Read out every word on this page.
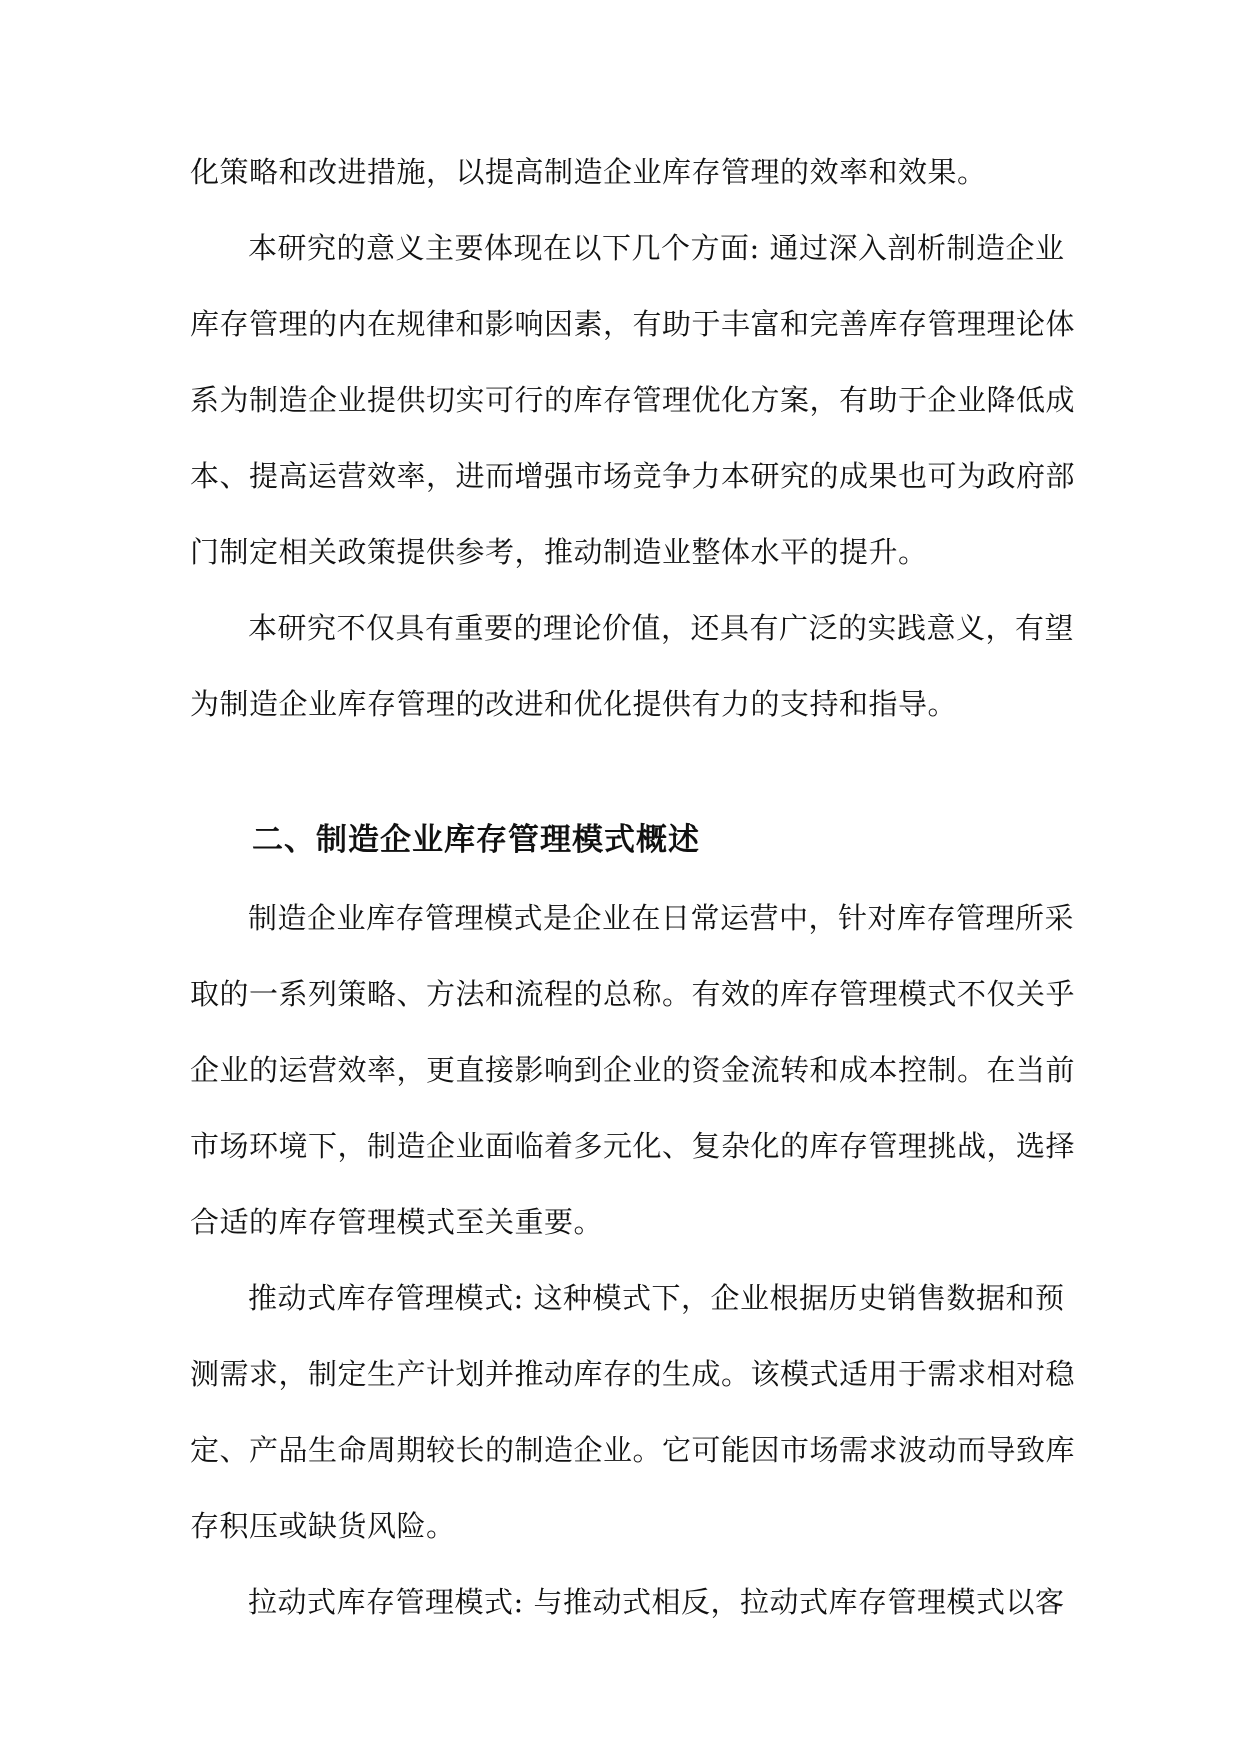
化策略和改进措施，以提高制造企业库存管理的效率和效果。
本研究的意义主要体现在以下几个方面: 通过深入剖析制造企业
库存管理的内在规律和影响因素，有助于丰富和完善库存管理理论体
系为制造企业提供切实可行的库存管理优化方案，有助于企业降低成
本、提高运营效率，进而增强市场竞争力本研究的成果也可为政府部
门制定相关政策提供参考，推动制造业整体水平的提升。
本研究不仅具有重要的理论价值，还具有广泛的实践意义，有望
为制造企业库存管理的改进和优化提供有力的支持和指导。
二、制造企业库存管理模式概述
制造企业库存管理模式是企业在日常运营中，针对库存管理所采
取的一系列策略、方法和流程的总称。有效的库存管理模式不仅关乎
企业的运营效率，更直接影响到企业的资金流转和成本控制。在当前
市场环境下，制造企业面临着多元化、复杂化的库存管理挑战，选择
合适的库存管理模式至关重要。
推动式库存管理模式: 这种模式下，企业根据历史销售数据和预
测需求，制定生产计划并推动库存的生成。该模式适用于需求相对稳
定、产品生命周期较长的制造企业。它可能因市场需求波动而导致库
存积压或缺货风险。
拉动式库存管理模式: 与推动式相反，拉动式库存管理模式以客
